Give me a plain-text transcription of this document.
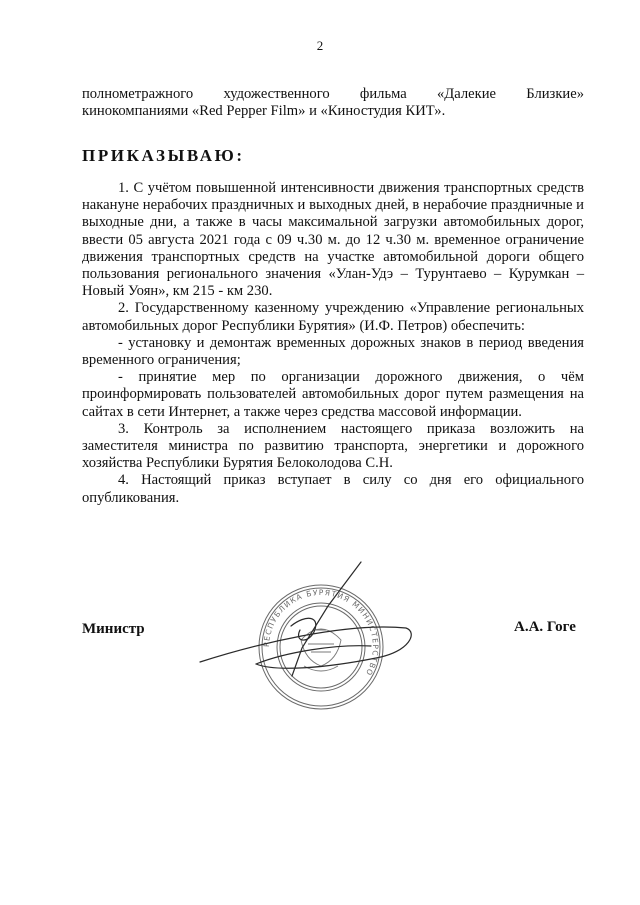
2
полнометражного художественного фильма «Далекие Близкие» кинокомпаниями «Red Pepper Film» и «Киностудия КИТ».
ПРИКАЗЫВАЮ:

1. С учётом повышенной интенсивности движения транспортных средств накануне нерабочих праздничных и выходных дней, в нерабочие праздничные и выходные дни, а также в часы максимальной загрузки автомобильных дорог, ввести 05 августа 2021 года с 09 ч.30 м. до 12 ч.30 м. временное ограничение движения транспортных средств на участке автомобильной дороги общего пользования регионального значения «Улан-Удэ – Турунтаево – Курумкан – Новый Уоян», км 215 - км 230.

2. Государственному казенному учреждению «Управление региональных автомобильных дорог Республики Бурятия» (И.Ф. Петров) обеспечить:

- установку и демонтаж временных дорожных знаков в период введения временного ограничения;

- принятие мер по организации дорожного движения, о чём проинформировать пользователей автомобильных дорог путем размещения на сайтах в сети Интернет, а также через средства массовой информации.

3. Контроль за исполнением настоящего приказа возложить на заместителя министра по развитию транспорта, энергетики и дорожного хозяйства Республики Бурятия Белоколодова С.Н.

4. Настоящий приказ вступает в силу со дня его официального опубликования.

Министр	А.А. Гоге
РЕСПУБЛИКА БУРЯТИЯ МИНИСТЕРСТВО
